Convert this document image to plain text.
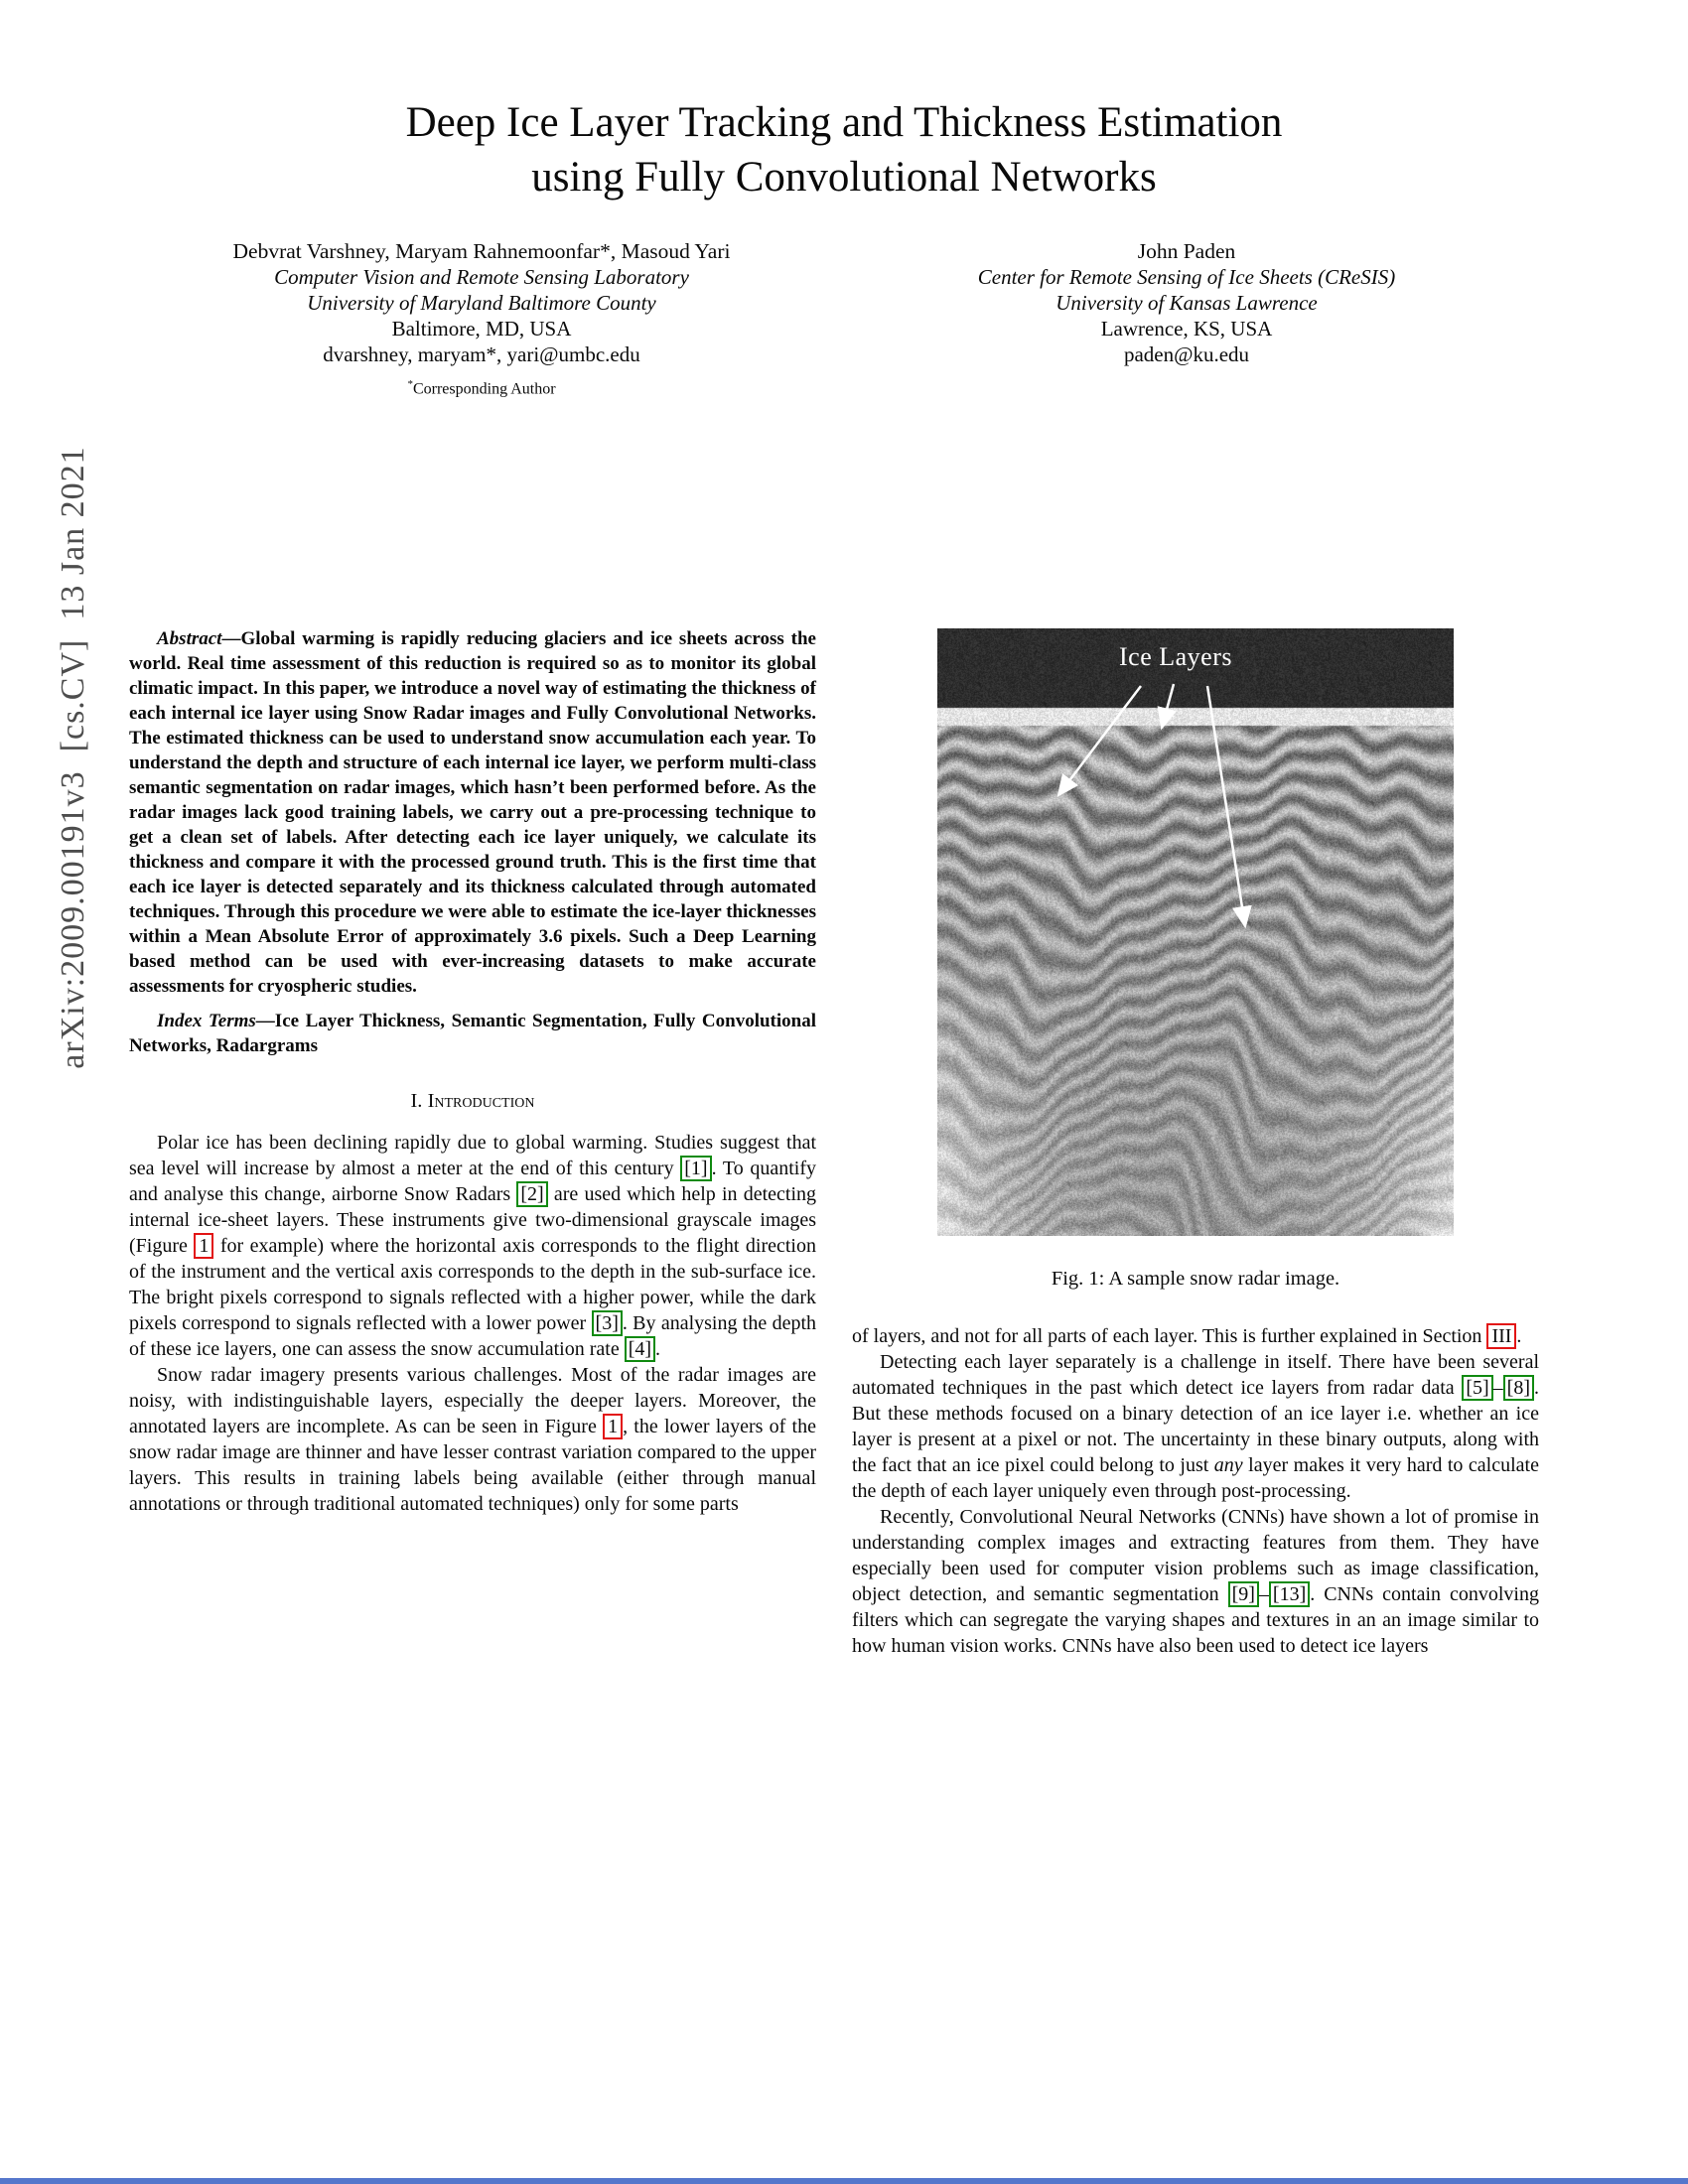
arXiv:2009.00191v3  [cs.CV]  13 Jan 2021
Deep Ice Layer Tracking and Thickness Estimation
using Fully Convolutional Networks
Debvrat Varshney, Maryam Rahnemoonfar*, Masoud Yari
Computer Vision and Remote Sensing Laboratory
University of Maryland Baltimore County
Baltimore, MD, USA
dvarshney, maryam*, yari@umbc.edu
*Corresponding Author
John Paden
Center for Remote Sensing of Ice Sheets (CReSIS)
University of Kansas Lawrence
Lawrence, KS, USA
paden@ku.edu

Abstract—Global warming is rapidly reducing glaciers and ice sheets across the world. Real time assessment of this reduction is required so as to monitor its global climatic impact. In this paper, we introduce a novel way of estimating the thickness of each internal ice layer using Snow Radar images and Fully Convolutional Networks. The estimated thickness can be used to understand snow accumulation each year. To understand the depth and structure of each internal ice layer, we perform multi-class semantic segmentation on radar images, which hasn’t been performed before. As the radar images lack good training labels, we carry out a pre-processing technique to get a clean set of labels. After detecting each ice layer uniquely, we calculate its thickness and compare it with the processed ground truth. This is the first time that each ice layer is detected separately and its thickness calculated through automated techniques. Through this procedure we were able to estimate the ice-layer thicknesses within a Mean Absolute Error of approximately 3.6 pixels. Such a Deep Learning based method can be used with ever-increasing datasets to make accurate assessments for cryospheric studies.

Index Terms—Ice Layer Thickness, Semantic Segmentation, Fully Convolutional Networks, Radargrams

I. Introduction

Polar ice has been declining rapidly due to global warming. Studies suggest that sea level will increase by almost a meter at the end of this century [1] . To quantify and analyse this change, airborne Snow Radars [2] are used which help in detecting internal ice-sheet layers. These instruments give two-dimensional grayscale images (Figure 1 for example) where the horizontal axis corresponds to the flight direction of the instrument and the vertical axis corresponds to the depth in the sub-surface ice. The bright pixels correspond to signals reflected with a higher power, while the dark pixels correspond to signals reflected with a lower power [3] . By analysing the depth of these ice layers, one can assess the snow accumulation rate [4] .

Snow radar imagery presents various challenges. Most of the radar images are noisy, with indistinguishable layers, especially the deeper layers. Moreover, the annotated layers are incomplete. As can be seen in Figure 1 , the lower layers of the snow radar image are thinner and have lesser contrast variation compared to the upper layers. This results in training labels being available (either through manual annotations or through traditional automated techniques) only for some parts

Ice Layers

Fig. 1: A sample snow radar image.

of layers, and not for all parts of each layer. This is further explained in Section III .

Detecting each layer separately is a challenge in itself. There have been several automated techniques in the past which detect ice layers from radar data [5] – [8] . But these methods focused on a binary detection of an ice layer i.e. whether an ice layer is present at a pixel or not. The uncertainty in these binary outputs, along with the fact that an ice pixel could belong to just any layer makes it very hard to calculate the depth of each layer uniquely even through post-processing.

Recently, Convolutional Neural Networks (CNNs) have shown a lot of promise in understanding complex images and extracting features from them. They have especially been used for computer vision problems such as image classification, object detection, and semantic segmentation [9] – [13] . CNNs contain convolving filters which can segregate the varying shapes and textures in an an image similar to how human vision works. CNNs have also been used to detect ice layers
